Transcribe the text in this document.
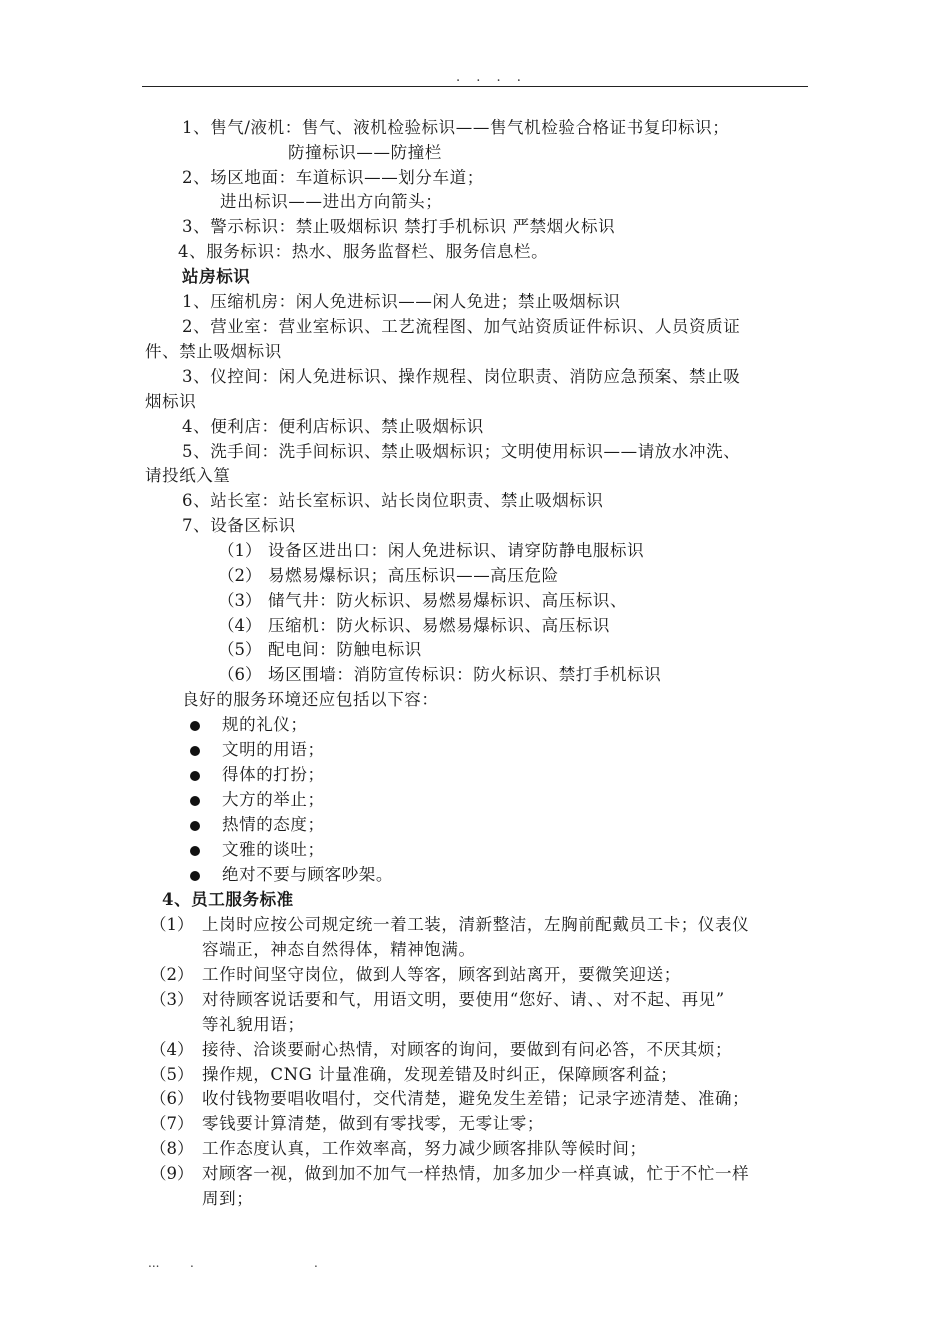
. . . .
1、售气/液机：售气、液机检验标识——售气机检验合格证书复印标识；
防撞标识——防撞栏
2、场区地面：车道标识——划分车道；
进出标识——进出方向箭头；
3、警示标识：禁止吸烟标识 禁打手机标识 严禁烟火标识
4、服务标识：热水、服务监督栏、服务信息栏。
站房标识
1、压缩机房：闲人免进标识——闲人免进；禁止吸烟标识
2、营业室：营业室标识、工艺流程图、加气站资质证件标识、人员资质证
件、禁止吸烟标识
3、仪控间：闲人免进标识、操作规程、岗位职责、消防应急预案、禁止吸
烟标识
4、便利店：便利店标识、禁止吸烟标识
5、洗手间：洗手间标识、禁止吸烟标识；文明使用标识——请放水冲洗、
请投纸入篁
6、站长室：站长室标识、站长岗位职责、禁止吸烟标识
7、设备区标识
（1） 设备区进出口：闲人免进标识、请穿防静电服标识
（2） 易燃易爆标识；高压标识——高压危险
（3） 储气井：防火标识、易燃易爆标识、高压标识、
（4） 压缩机：防火标识、易燃易爆标识、高压标识
（5） 配电间：防触电标识
（6） 场区围墙：消防宣传标识：防火标识、禁打手机标识
良好的服务环境还应包括以下容：
规的礼仪；
文明的用语；
得体的打扮；
大方的举止；
热情的态度；
文雅的谈吐；
绝对不要与顾客吵架。
4、员工服务标准
（1） 上岗时应按公司规定统一着工装，清新整洁，左胸前配戴员工卡；仪表仪
容端正，神态自然得体，精神饱满。
（2） 工作时间坚守岗位，做到人等客，顾客到站离开，要微笑迎送；
（3） 对待顾客说话要和气，用语文明，要使用“您好、请、、对不起、再见”
等礼貌用语；
（4） 接待、洽谈要耐心热情，对顾客的询问，要做到有问必答，不厌其烦；
（5） 操作规，CNG 计量准确，发现差错及时纠正，保障顾客利益；
（6） 收付钱物要唱收唱付，交代清楚，避免发生差错；记录字迹清楚、准确；
（7） 零钱要计算清楚，做到有零找零，无零让零；
（8） 工作态度认真，工作效率高，努力减少顾客排队等候时间；
（9） 对顾客一视，做到加不加气一样热情，加多加少一样真诚，忙于不忙一样
周到；
...	.	.
